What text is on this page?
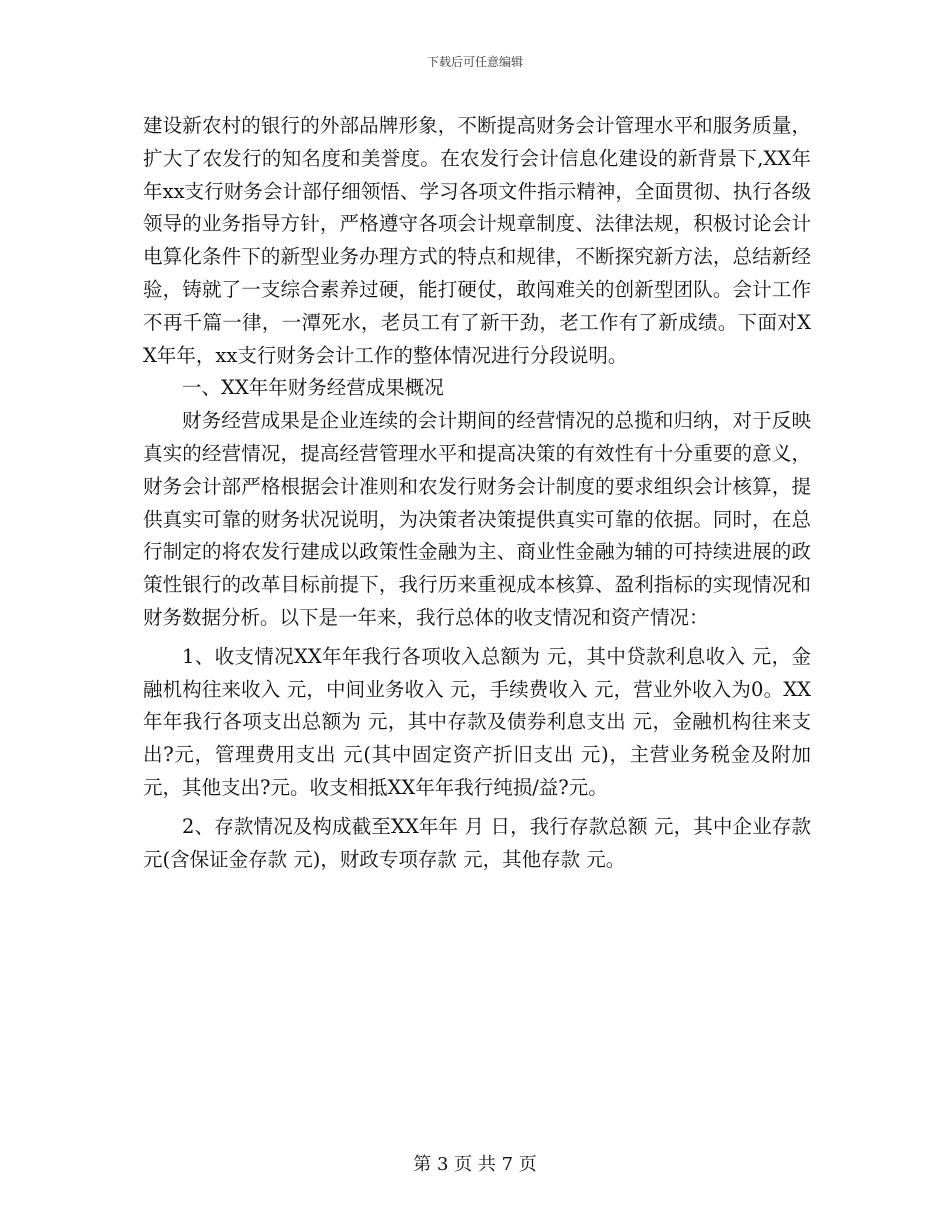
下载后可任意编辑

建设新农村的银行的外部品牌形象，不断提高财务会计管理水平和服务质量，扩大了农发行的知名度和美誉度。在农发行会计信息化建设的新背景下,XX年年xx支行财务会计部仔细领悟、学习各项文件指示精神，全面贯彻、执行各级领导的业务指导方针，严格遵守各项会计规章制度、法律法规，积极讨论会计电算化条件下的新型业务办理方式的特点和规律，不断探究新方法，总结新经验，铸就了一支综合素养过硬，能打硬仗，敢闯难关的创新型团队。会计工作不再千篇一律，一潭死水，老员工有了新干劲，老工作有了新成绩。下面对XX年年，xx支行财务会计工作的整体情况进行分段说明。

一、XX年年财务经营成果概况

财务经营成果是企业连续的会计期间的经营情况的总揽和归纳，对于反映真实的经营情况，提高经营管理水平和提高决策的有效性有十分重要的意义，财务会计部严格根据会计准则和农发行财务会计制度的要求组织会计核算，提供真实可靠的财务状况说明，为决策者决策提供真实可靠的依据。同时，在总行制定的将农发行建成以政策性金融为主、商业性金融为辅的可持续进展的政策性银行的改革目标前提下，我行历来重视成本核算、盈利指标的实现情况和财务数据分析。以下是一年来，我行总体的收支情况和资产情况：

1、收支情况XX年年我行各项收入总额为 元，其中贷款利息收入 元，金融机构往来收入 元，中间业务收入 元，手续费收入 元，营业外收入为0。XX年年我行各项支出总额为 元，其中存款及债券利息支出 元，金融机构往来支出?元，管理费用支出 元(其中固定资产折旧支出 元)，主营业务税金及附加 元，其他支出?元。收支相抵XX年年我行纯损/益?元。

2、存款情况及构成截至XX年年 月 日，我行存款总额 元，其中企业存款 元(含保证金存款 元)，财政专项存款 元，其他存款 元。

第 3 页 共 7 页
